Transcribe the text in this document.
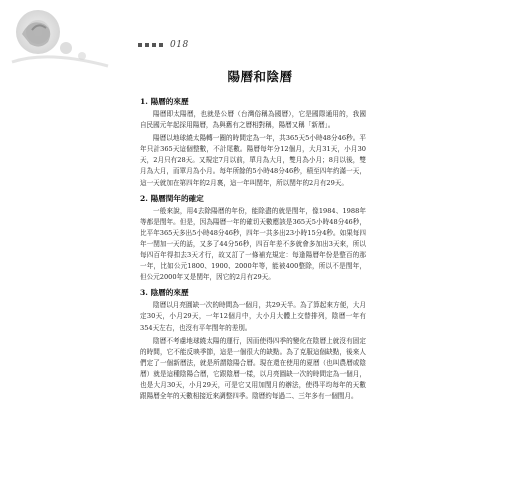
018
陽曆和陰曆
1. 陽曆的來歷

陽曆即太陽曆，也就是公曆（台灣俗稱為國曆），它是國際通用的，我國自民國元年起採用陽曆，為與舊有之曆相對稱，陽曆又稱「新曆」。

陽曆以地球繞太陽轉一圈的時間定為一年，共365天5小時48分46秒。平年只計365天這個整數，不計尾數。陽曆每年分12個月，大月31天，小月30天，2月只有28天。又規定7月以前，單月為大月，雙月為小月；8月以後，雙月為大月，而單月為小月。每年所餘的5小時48分46秒，積至四年約滿一天，這一天就加在第四年的2月裏，這一年叫閏年，所以閏年的2月有29天。

2. 陽曆閏年的確定

一般來說，用4去除陽曆的年份，能除盡的就是閏年，像1984、1988年等都是閏年。但是，因為陽曆一年的確切天數應該是365天5小時48分46秒，比平年365天多出5小時48分46秒，四年一共多出23小時15分4秒。如果每四年一閏加一天的話，又多了44分56秒，四百年差不多就會多加出3天來，所以每四百年得扣去3天才行，故又訂了一條補充規定：每逢陽曆年份是整百的那一年，比如公元1800、1900、2000年等，能被400整除，所以不是閏年，但公元2000年又是閏年，因它的2月有29天。

3. 陰曆的來歷

陰曆以月亮圓缺一次的時間為一個月，共29天半。為了算起來方便，大月定30天，小月29天，一年12個月中，大小月大體上交替排列，陰曆一年有354天左右，也沒有平年閏年的差別。

陰曆不考慮地球繞太陽的運行，因而使得四季的變化在陰曆上就沒有固定的時間，它不能反映季節，這是一個很大的缺點。為了克服這個缺點，後來人們定了一個新曆法，就是所謂陰陽合曆。現在還在使用的夏曆（也叫農曆或陰曆）就是這種陰陽合曆，它跟陰曆一樣，以月亮圓缺一次的時間定為一個月，也是大月30天，小月29天，可是它又用加閏月的辦法，使得平均每年的天數跟陽曆全年的天數相接近來調整四季。陰曆約每過二、三年多有一個閏月。
